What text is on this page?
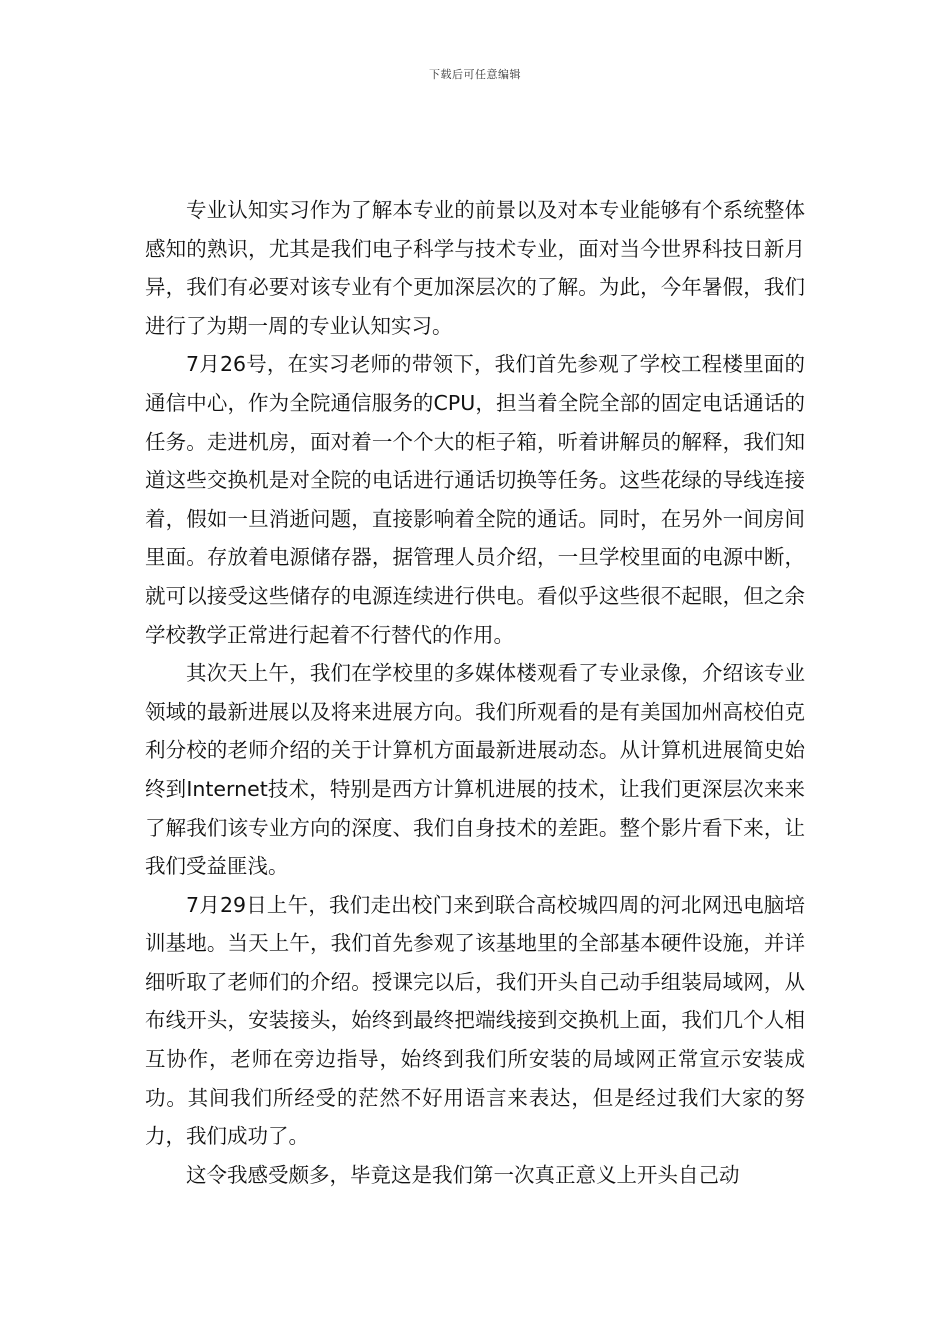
下载后可任意编辑

专业认知实习作为了解本专业的前景以及对本专业能够有个系统整体感知的熟识，尤其是我们电子科学与技术专业，面对当今世界科技日新月异，我们有必要对该专业有个更加深层次的了解。为此，今年暑假，我们进行了为期一周的专业认知实习。

7月26号，在实习老师的带领下，我们首先参观了学校工程楼里面的通信中心，作为全院通信服务的CPU，担当着全院全部的固定电话通话的任务。走进机房，面对着一个个大的柜子箱，听着讲解员的解释，我们知道这些交换机是对全院的电话进行通话切换等任务。这些花绿的导线连接着，假如一旦消逝问题，直接影响着全院的通话。同时，在另外一间房间里面。存放着电源储存器，据管理人员介绍，一旦学校里面的电源中断，就可以接受这些储存的电源连续进行供电。看似乎这些很不起眼，但之余学校教学正常进行起着不行替代的作用。

其次天上午，我们在学校里的多媒体楼观看了专业录像，介绍该专业领域的最新进展以及将来进展方向。我们所观看的是有美国加州高校伯克利分校的老师介绍的关于计算机方面最新进展动态。从计算机进展简史始终到Internet技术，特别是西方计算机进展的技术，让我们更深层次来来了解我们该专业方向的深度、我们自身技术的差距。整个影片看下来，让我们受益匪浅。

7月29日上午，我们走出校门来到联合高校城四周的河北网迅电脑培训基地。当天上午，我们首先参观了该基地里的全部基本硬件设施，并详细听取了老师们的介绍。授课完以后，我们开头自己动手组装局域网，从布线开头，安装接头，始终到最终把端线接到交换机上面，我们几个人相互协作，老师在旁边指导，始终到我们所安装的局域网正常宣示安装成功。其间我们所经受的茫然不好用语言来表达，但是经过我们大家的努力，我们成功了。

这令我感受颇多，毕竟这是我们第一次真正意义上开头自己动
